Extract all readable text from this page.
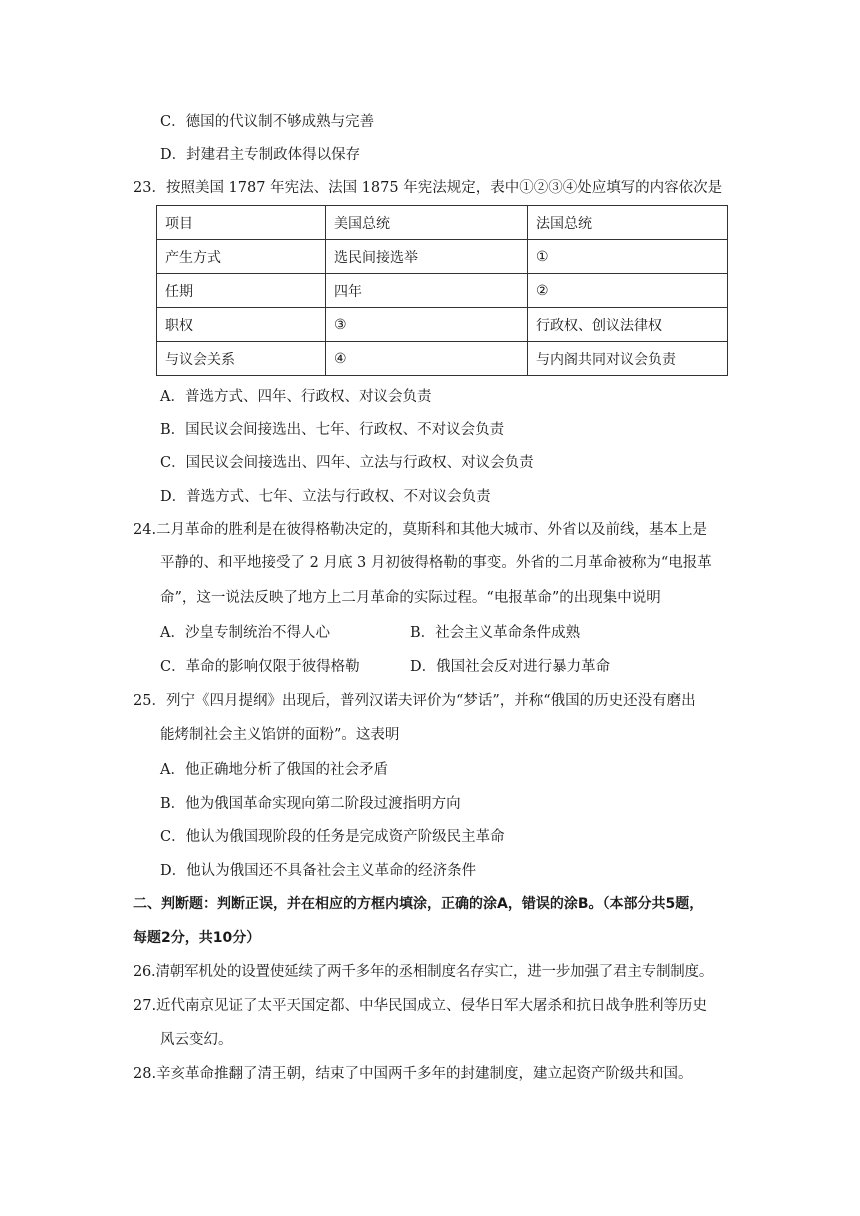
C．德国的代议制不够成熟与完善
D．封建君主专制政体得以保存
23．按照美国 1787 年宪法、法国 1875 年宪法规定，表中①②③④处应填写的内容依次是
项目	美国总统	法国总统
产生方式	选民间接选举	①
任期	四年	②
职权	③	行政权、创议法律权
与议会关系	④	与内阁共同对议会负责
A．普选方式、四年、行政权、对议会负责
B．国民议会间接选出、七年、行政权、不对议会负责
C．国民议会间接选出、四年、立法与行政权、对议会负责
D．普选方式、七年、立法与行政权、不对议会负责
24.二月革命的胜利是在彼得格勒决定的，莫斯科和其他大城市、外省以及前线，基本上是
平静的、和平地接受了 2 月底 3 月初彼得格勒的事变。外省的二月革命被称为“电报革
命”，这一说法反映了地方上二月革命的实际过程。“电报革命”的出现集中说明
A．沙皇专制统治不得人心	B．社会主义革命条件成熟
C．革命的影响仅限于彼得格勒	D．俄国社会反对进行暴力革命
25．列宁《四月提纲》出现后，普列汉诺夫评价为“梦话”，并称“俄国的历史还没有磨出
能烤制社会主义馅饼的面粉”。这表明
A．他正确地分析了俄国的社会矛盾
B．他为俄国革命实现向第二阶段过渡指明方向
C．他认为俄国现阶段的任务是完成资产阶级民主革命
D．他认为俄国还不具备社会主义革命的经济条件
二、判断题：判断正误，并在相应的方框内填涂，正确的涂A，错误的涂B。（本部分共5题，
每题2分，共10分）
26.清朝军机处的设置使延续了两千多年的丞相制度名存实亡，进一步加强了君主专制制度。
27.近代南京见证了太平天国定都、中华民国成立、侵华日军大屠杀和抗日战争胜利等历史
风云变幻。
28.辛亥革命推翻了清王朝，结束了中国两千多年的封建制度，建立起资产阶级共和国。
